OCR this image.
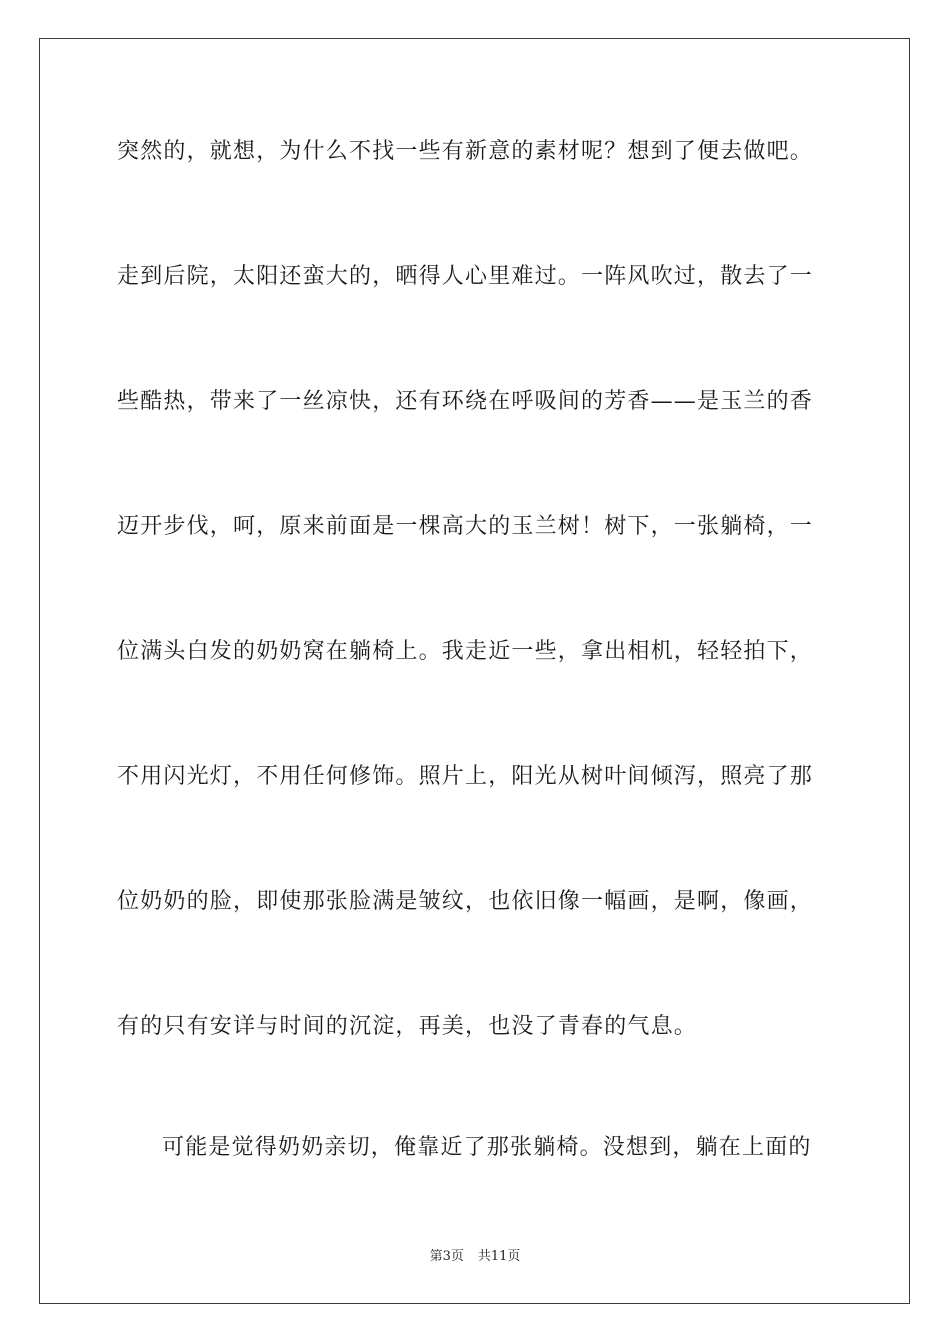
突然的，就想，为什么不找一些有新意的素材呢？想到了便去做吧。

走到后院，太阳还蛮大的，晒得人心里难过。一阵风吹过，散去了一

些酷热，带来了一丝凉快，还有环绕在呼吸间的芳香——是玉兰的香

迈开步伐，呵，原来前面是一棵高大的玉兰树！树下，一张躺椅，一

位满头白发的奶奶窝在躺椅上。我走近一些，拿出相机，轻轻拍下，

不用闪光灯，不用任何修饰。照片上，阳光从树叶间倾泻，照亮了那

位奶奶的脸，即使那张脸满是皱纹，也依旧像一幅画，是啊，像画，

有的只有安详与时间的沉淀，再美，也没了青春的气息。

可能是觉得奶奶亲切，俺靠近了那张躺椅。没想到，躺在上面的

第3页 共11页
